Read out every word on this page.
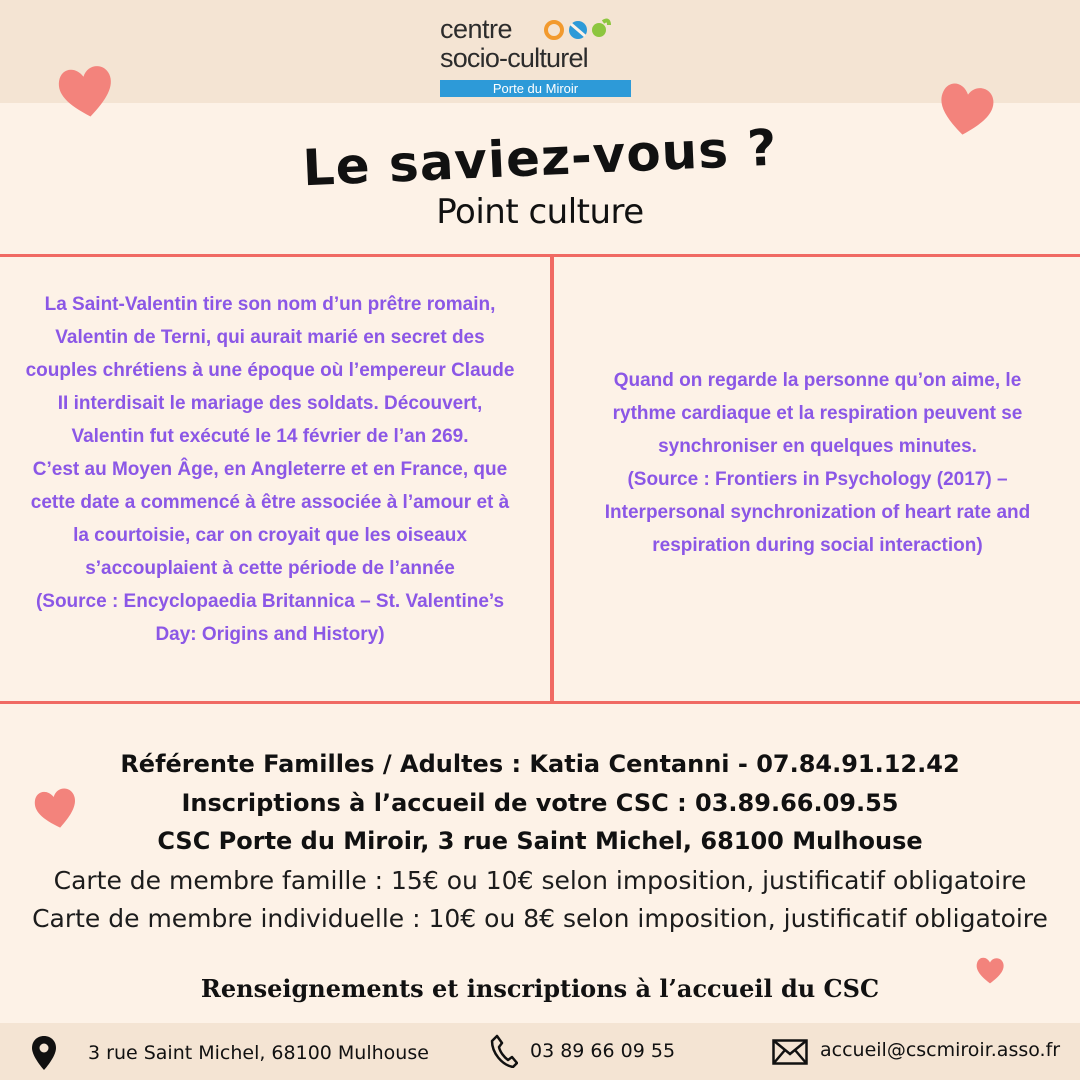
centre
socio-culturel
Porte du Miroir
Le saviez-vous ?
Point culture
La Saint-Valentin tire son nom d’un prêtre romain,
Valentin de Terni, qui aurait marié en secret des
couples chrétiens à une époque où l’empereur Claude
II interdisait le mariage des soldats. Découvert,
Valentin fut exécuté le 14 février de l’an 269.
C’est au Moyen Âge, en Angleterre et en France, que
cette date a commencé à être associée à l’amour et à
la courtoisie, car on croyait que les oiseaux
s’accouplaient à cette période de l’année
(Source : Encyclopaedia Britannica – St. Valentine’s
Day: Origins and History)
Quand on regarde la personne qu’on aime, le
rythme cardiaque et la respiration peuvent se
synchroniser en quelques minutes.
(Source : Frontiers in Psychology (2017) –
Interpersonal synchronization of heart rate and
respiration during social interaction)
Référente Familles / Adultes : Katia Centanni - 07.84.91.12.42
Inscriptions à l’accueil de votre CSC : 03.89.66.09.55
CSC Porte du Miroir, 3 rue Saint Michel, 68100 Mulhouse
Carte de membre famille : 15€ ou 10€ selon imposition, justificatif obligatoire
Carte de membre individuelle : 10€ ou 8€ selon imposition, justificatif obligatoire
Renseignements et inscriptions à l’accueil du CSC
3 rue Saint Michel, 68100 Mulhouse	03 89 66 09 55	accueil@cscmiroir.asso.fr
